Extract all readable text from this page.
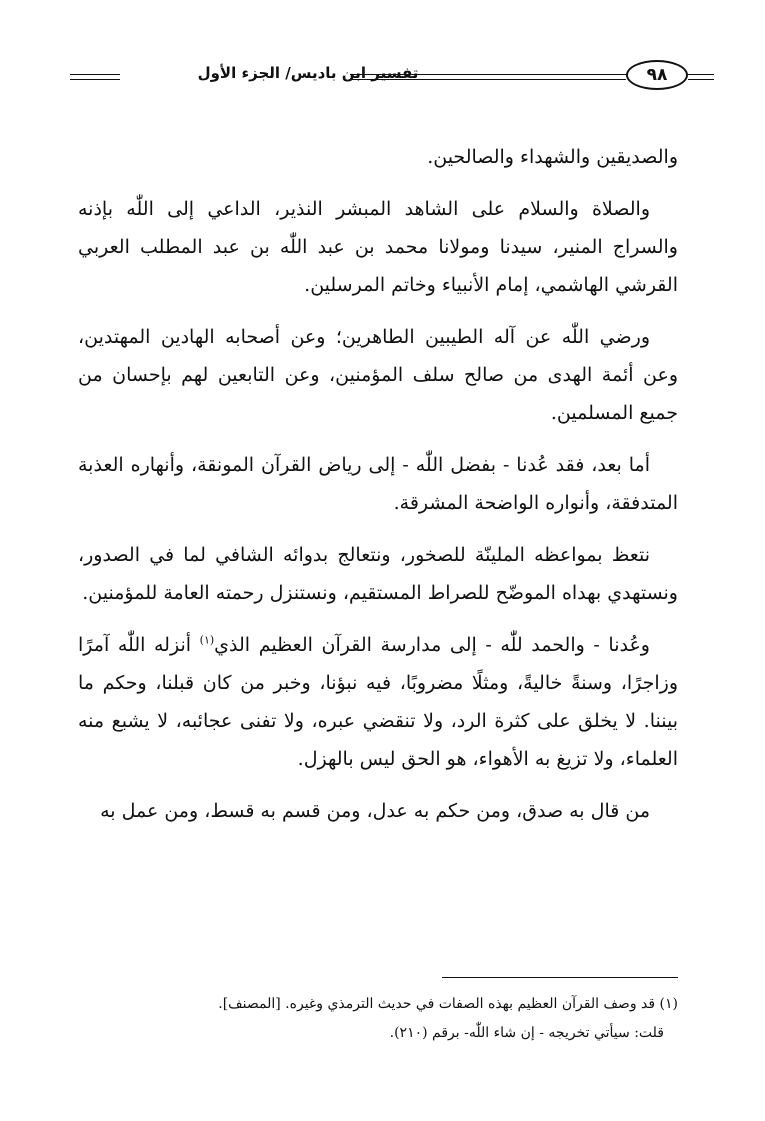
تفسير ابن باديس/ الجزء الأول	٩٨

والصديقين والشهداء والصالحين.

والصلاة والسلام على الشاهد المبشر النذير، الداعي إلى اللّٰه بإذنه والسراج المنير، سيدنا ومولانا محمد بن عبد اللّٰه بن عبد المطلب العربي القرشي الهاشمي، إمام الأنبياء وخاتم المرسلين.

ورضي اللّٰه عن آله الطيبين الطاهرين؛ وعن أصحابه الهادين المهتدين، وعن أئمة الهدى من صالح سلف المؤمنين، وعن التابعين لهم بإحسان من جميع المسلمين.

أما بعد، فقد عُدنا - بفضل اللّٰه - إلى رياض القرآن المونقة، وأنهاره العذبة المتدفقة، وأنواره الواضحة المشرقة.

نتعظ بمواعظه الملينّة للصخور، ونتعالج بدوائه الشافي لما في الصدور، ونستهدي بهداه الموضّح للصراط المستقيم، ونستنزل رحمته العامة للمؤمنين.

وعُدنا - والحمد للّٰه - إلى مدارسة القرآن العظيم الذي$^{(١)}$ أنزله اللّٰه آمرًا وزاجرًا، وسنةً خاليةً، ومثلًا مضروبًا، فيه نبؤنا، وخبر من كان قبلنا، وحكم ما بيننا. لا يخلق على كثرة الرد، ولا تنقضي عبره، ولا تفنى عجائبه، لا يشبع منه العلماء، ولا تزيغ به الأهواء، هو الحق ليس بالهزل.

من قال به صدق، ومن حكم به عدل، ومن قسم به قسط، ومن عمل به

(١) قد وصف القرآن العظيم بهذه الصفات في حديث الترمذي وغيره. [المصنف].
قلت: سيأتي تخريجه - إن شاء اللّٰه- برقم (٢١٠).
